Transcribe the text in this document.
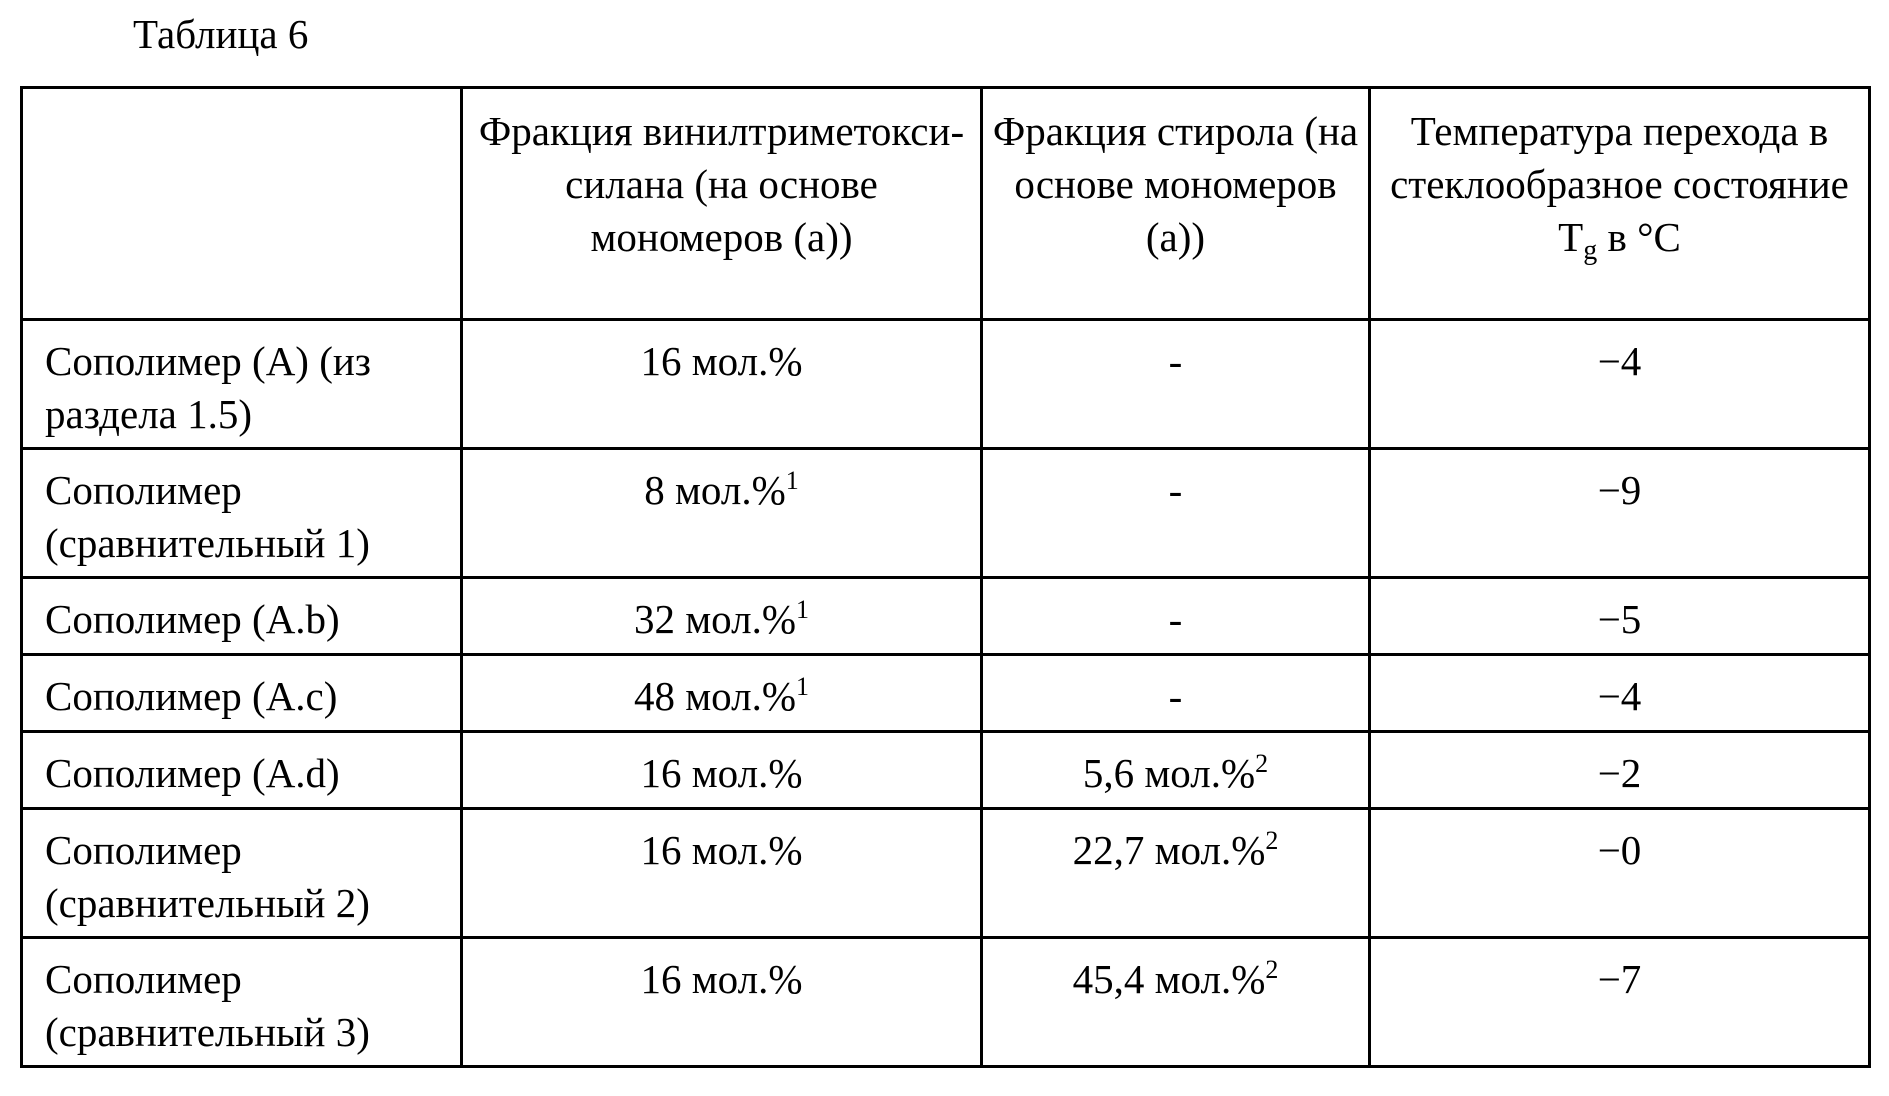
Таблица 6
	Фракция винилтриметокси-силана (на основе мономеров (а))	Фракция стирола (на основе мономеров (а))	Температура перехода в стеклообразное состояние $T_g$ в °C
Сополимер (A) (из раздела 1.5)	16 мол.%	-	−4
Сополимер (сравнительный 1)	8 мол.%$^1$	-	−9
Сополимер (A.b)	32 мол.%$^1$	-	−5
Сополимер (A.c)	48 мол.%$^1$	-	−4
Сополимер (A.d)	16 мол.%	5,6 мол.%$^2$	−2
Сополимер (сравнительный 2)	16 мол.%	22,7 мол.%$^2$	−0
Сополимер (сравнительный 3)	16 мол.%	45,4 мол.%$^2$	−7
